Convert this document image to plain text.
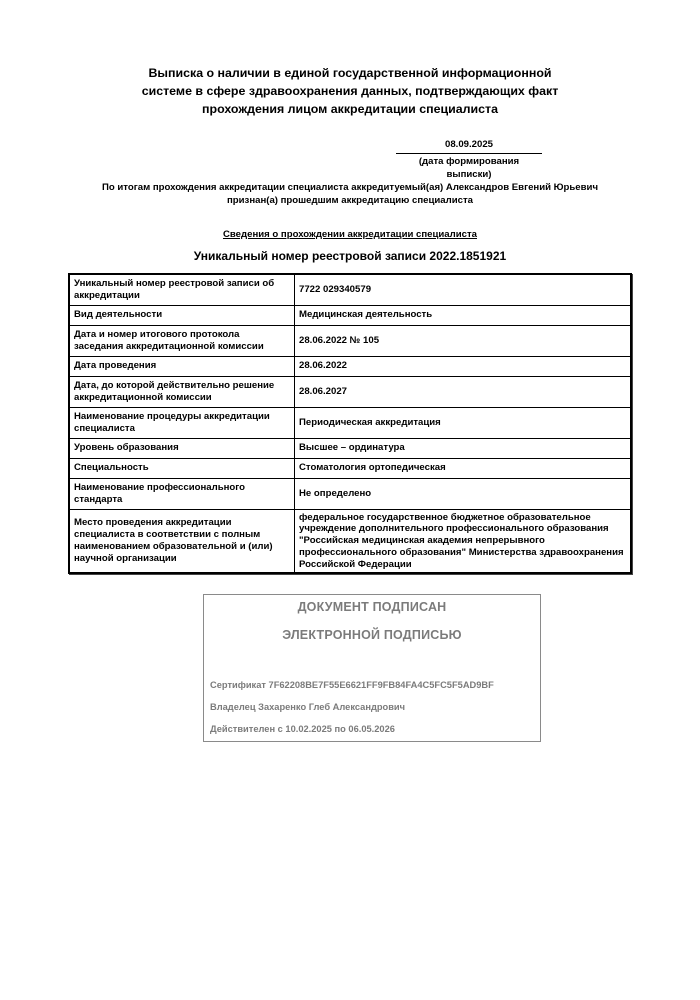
Выписка о наличии в единой государственной информационной
системе в сфере здравоохранения данных, подтверждающих факт
прохождения лицом аккредитации специалиста
08.09.2025
(дата формирования выписки)
По итогам прохождения аккредитации специалиста аккредитуемый(ая) Александров Евгений Юрьевич
признан(а) прошедшим аккредитацию специалиста
Сведения о прохождении аккредитации специалиста
Уникальный номер реестровой записи 2022.1851921
Уникальный номер реестровой записи об аккредитации	7722 029340579
Вид деятельности	Медицинская деятельность
Дата и номер итогового протокола заседания аккредитационной комиссии	28.06.2022 № 105
Дата проведения	28.06.2022
Дата, до которой действительно решение аккредитационной комиссии	28.06.2027
Наименование процедуры аккредитации специалиста	Периодическая аккредитация
Уровень образования	Высшее – ординатура
Специальность	Стоматология ортопедическая
Наименование профессионального стандарта	Не определено
Место проведения аккредитации специалиста в соответствии с полным наименованием образовательной и (или) научной организации	федеральное государственное бюджетное образовательное учреждение дополнительного профессионального образования "Российская медицинская академия непрерывного профессионального образования" Министерства здравоохранения Российской Федерации
ДОКУМЕНТ ПОДПИСАН
ЭЛЕКТРОННОЙ ПОДПИСЬЮ
Сертификат 7F62208BE7F55E6621FF9FB84FA4C5FC5F5AD9BF
Владелец Захаренко Глеб Александрович
Действителен с 10.02.2025 по 06.05.2026
